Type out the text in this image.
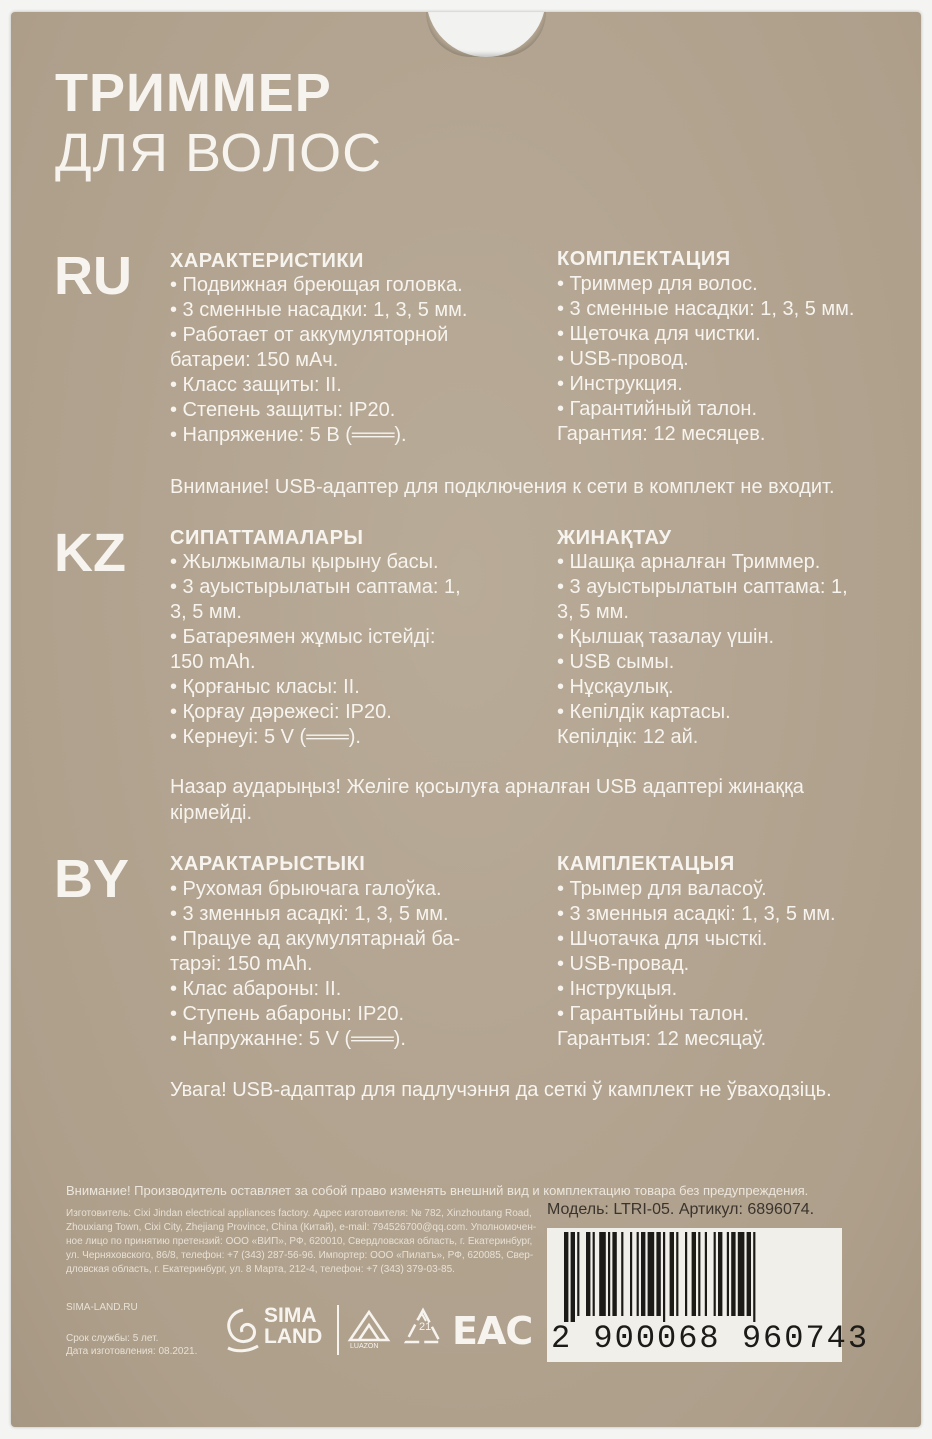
ТРИММЕР
ДЛЯ ВОЛОС
RU ХАРАКТЕРИСТИКИ
• Подвижная бреющая головка.
• 3 сменные насадки: 1, 3, 5 мм.
• Работает от аккумуляторной
батареи: 150 мАч.
• Класс защиты: II.
• Степень защиты: IP20.
• Напряжение: 5 В (═══).
КОМПЛЕКТАЦИЯ
• Триммер для волос.
• 3 сменные насадки: 1, 3, 5 мм.
• Щеточка для чистки.
• USB-провод.
• Инструкция.
• Гарантийный талон.
Гарантия: 12 месяцев.
Внимание! USB-адаптер для подключения к сети в комплект не входит.
KZ СИПАТТАМАЛАРЫ
• Жылжымалы қырыну басы.
• 3 ауыстырылатын саптама: 1,
3, 5 мм.
• Батареямен жұмыс істейді:
150 mAh.
• Қорғаныс класы: II.
• Қорғау дәрежесі: IP20.
• Кернеуі: 5 V (═══).
ЖИНАҚТАУ
• Шашқа арналған Триммер.
• 3 ауыстырылатын саптама: 1,
3, 5 мм.
• Қылшақ тазалау үшін.
• USB сымы.
• Нұсқаулық.
• Кепілдік картасы.
Кепілдік: 12 ай.
Назар аударыңыз! Желіге қосылуға арналған USB адаптері жинаққа
кірмейді.
BY ХАРАКТАРЫСТЫКІ
• Рухомая брыючага галоўка.
• 3 зменныя асадкі: 1, 3, 5 мм.
• Працуе ад акумулятарнай ба-
тарэі: 150 mAh.
• Клас абароны: II.
• Ступень абароны: IP20.
• Напружанне: 5 V (═══).
КАМПЛЕКТАЦЫЯ
• Трымер для валасоў.
• 3 зменныя асадкі: 1, 3, 5 мм.
• Шчотачка для чысткі.
• USB-провад.
• Інструкцыя.
• Гарантыйны талон.
Гарантыя: 12 месяцаў.
Увага! USB-адаптар для падлучэння да сеткі ў камплект не ўваходзіць.
Внимание! Производитель оставляет за собой право изменять внешний вид и комплектацию товара без предупреждения.
Изготовитель: Cixi Jindan electrical appliances factory. Адрес изготовителя: № 782, Xinzhoutang Road,
Zhouxiang Town, Cixi City, Zhejiang Province, China (Китай), e-mail: 794526700@qq.com. Уполномочен-
ное лицо по принятию претензий: ООО «ВИП», РФ, 620010, Свердловская область, г. Екатеринбург,
ул. Черняховского, 86/8, телефон: +7 (343) 287-56-96. Импортер: ООО «Пилатъ», РФ, 620085, Свер-
дловская область, г. Екатеринбург, ул. 8 Марта, 212-4, телефон: +7 (343) 379-03-85.
Модель: LTRI-05. Артикул: 6896074.
SIMA-LAND.RU
Срок службы: 5 лет.
Дата изготовления: 08.2021.
SIMA
LAND	LUAZON
21 EAC 2 900068 960743
